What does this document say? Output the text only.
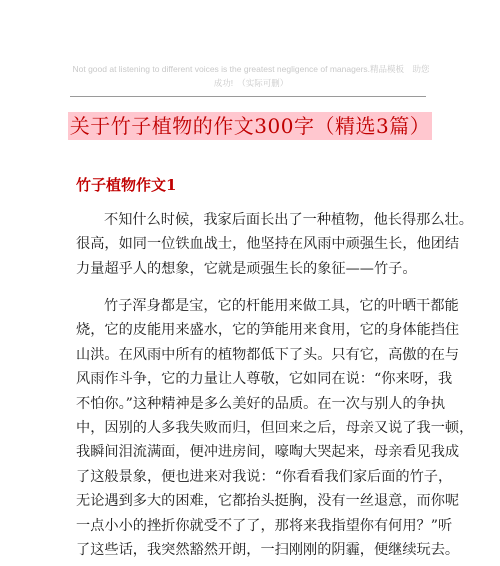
Not good at listening to different voices is the greatest negligence of managers.精品模板　助您成功!　（实际可删）
关于竹子植物的作文300字（精选3篇）
竹子植物作文1

不知什么时候，我家后面长出了一种植物，他长得那么壮。
很高，如同一位铁血战士，他坚持在风雨中顽强生长，他团结
力量超乎人的想象，它就是顽强生长的象征——竹子。

竹子浑身都是宝，它的杆能用来做工具，它的叶晒干都能
烧，它的皮能用来盛水，它的笋能用来食用，它的身体能挡住
山洪。在风雨中所有的植物都低下了头。只有它，高傲的在与
风雨作斗争，它的力量让人尊敬，它如同在说：“你来呀，我
不怕你。”这种精神是多么美好的品质。在一次与别人的争执
中，因别的人多我失败而归，但回来之后，母亲又说了我一顿，
我瞬间泪流满面，便冲进房间，嚎啕大哭起来，母亲看见我成
了这般景象，便也进来对我说：“你看看我们家后面的竹子，
无论遇到多大的困难，它都抬头挺胸，没有一丝退意，而你呢
一点小小的挫折你就受不了了，那将来我指望你有何用？”听
了这些话，我突然豁然开朗，一扫刚刚的阴霾，便继续玩去。
